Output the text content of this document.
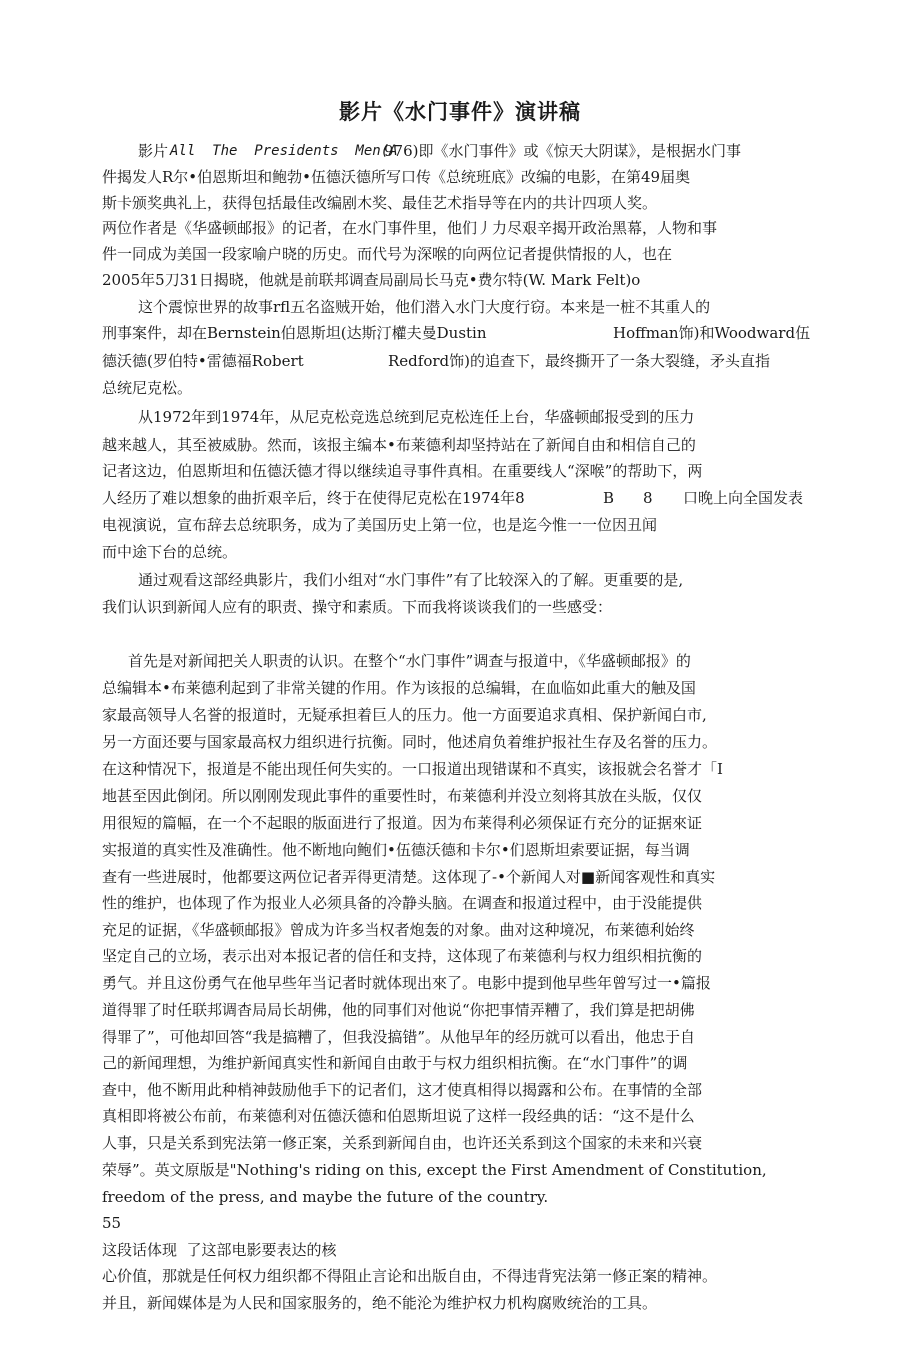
影片《水门事件》演讲稿
影片 All  The  Presidents  Men(A
976)即《水门事件》或《惊天大阴谋》，是根据水门事
件揭发人R尔•伯恩斯坦和鲍勃•伍德沃德所写口传《总统班底》改编的电影，在第49届奥
斯卡颁奖典礼上，获得包括最佳改编剧木奖、最佳艺术指导等在内的共计四项人奖。
两位作者是《华盛顿邮报》的记者，在水门事件里，他们丿力尽艰辛揭开政治黑幕，人物和事
件一同成为美国一段家喻户晓的历史。而代号为深喉的向两位记者提供情报的人，也在
2005年5刀31日揭晓，他就是前联邦调查局副局长马克•费尔特(W. Mark Felt)o
这个震惊世界的故事rfl五名盗贼开始，他们潜入水门大度行窃。本来是一桩不其重人的
刑事案件，却在Bernstein伯恩斯坦(达斯汀權夫曼Dustin	Hoffman饰)和Woodward伍
德沃德(罗伯特•雷德福Robert	Redford饰)的追查下，最终撕开了一条大裂缝，矛头直指
总统尼克松。
从1972年到1974年，从尼克松竞选总统到尼克松连任上台，华盛顿邮报受到的压力
越来越人，其至被威胁。然而，该报主编本•布莱德利却坚持站在了新闻自由和相信自己的
记者这边，伯恩斯坦和伍德沃德才得以继续追寻事件真相。在重要线人“深喉”的帮助下，两
人经历了难以想象的曲折艰辛后，终于在使得尼克松在1974年8	B 8 口晚上向全国发表
电视演说，宣布辞去总统职务，成为了美国历史上第一位，也是迄今惟一一位因丑闻
而中途下台的总统。
通过观看这部经典影片，我们小组对“水门事件”有了比较深入的了解。更重要的是,
我们认识到新闻人应有的职责、操守和素质。下而我将谈谈我们的一些感受：
首先是对新闻把关人职责的认识。在整个“水门事件”调查与报道中，《华盛顿邮报》的
总编辑本•布莱德利起到了非常关键的作用。作为该报的总编辑，在血临如此重大的触及国
家最高领导人名誉的报道时，无疑承担着巨人的压力。他一方面要追求真相、保护新闻白市,
另一方面还要与国家最高权力组织进行抗衡。同时，他述肩负着维护报社生存及名誉的压力。
在这种情况下，报道是不能出现任何失实的。一口报道出现错谋和不真实，该报就会名誉才「I
地甚至因此倒闭。所以刚刚发现此事件的重要性时，布莱德利并没立刻将其放在头版，仅仅
用很短的篇幅，在一个不起眼的版面进行了报道。因为布莱得利必须保证冇充分的证据來证
实报道的真实性及准确性。他不断地向鲍们•伍德沃德和卡尔•们恩斯坦索要证据，每当调
查有一些进展时，他都要这两位记者弄得更清楚。这体现了-•个新闻人对■新闻客观性和真实
性的维护，也体现了作为报业人必须具备的冷静头脑。在调查和报道过程中，由于没能提供
充足的证据，《华盛顿邮报》曾成为许多当权者炮轰的对象。曲对这种境况，布莱德利始终
坚定自己的立场，表示出对本报记者的信任和支持，这体现了布莱德利与权力组织相抗衡的
勇气。并且这份勇气在他早些年当记者时就体现出來了。电影中提到他早些年曾写过一•篇报
道得罪了时任联邦调杳局局长胡佛，他的同事们对他说“你把事情弄糟了，我们算是把胡佛
得罪了”，可他却回答“我是搞糟了，但我没搞错”。从他早年的经历就可以看出，他忠于自
己的新闻理想，为维护新闻真实性和新闻自由敢于与权力组织相抗衡。在“水门事件”的调
查中，他不断用此种梢神鼓励他手下的记者们，这才使真相得以揭露和公布。在事情的全部
真相即将被公布前，布莱德利对伍德沃德和伯恩斯坦说了这样一段经典的话：“这不是什么
人事，只是关系到宪法第一修正案，关系到新闻自由，也许还关系到这个国家的未来和兴衰
荣辱”。英文原版是"Nothing's riding on this, except the First Amendment of Constitution,
freedom of the press, and maybe the future of the country.
55
这段话体现  了这部电影要表达的核
心价值，那就是任何权力组织都不得阻止言论和出版自由，不得违背宪法第一修正案的精神。
并且，新闻媒体是为人民和国家服务的，绝不能沦为维护权力机构腐败统治的工具。
